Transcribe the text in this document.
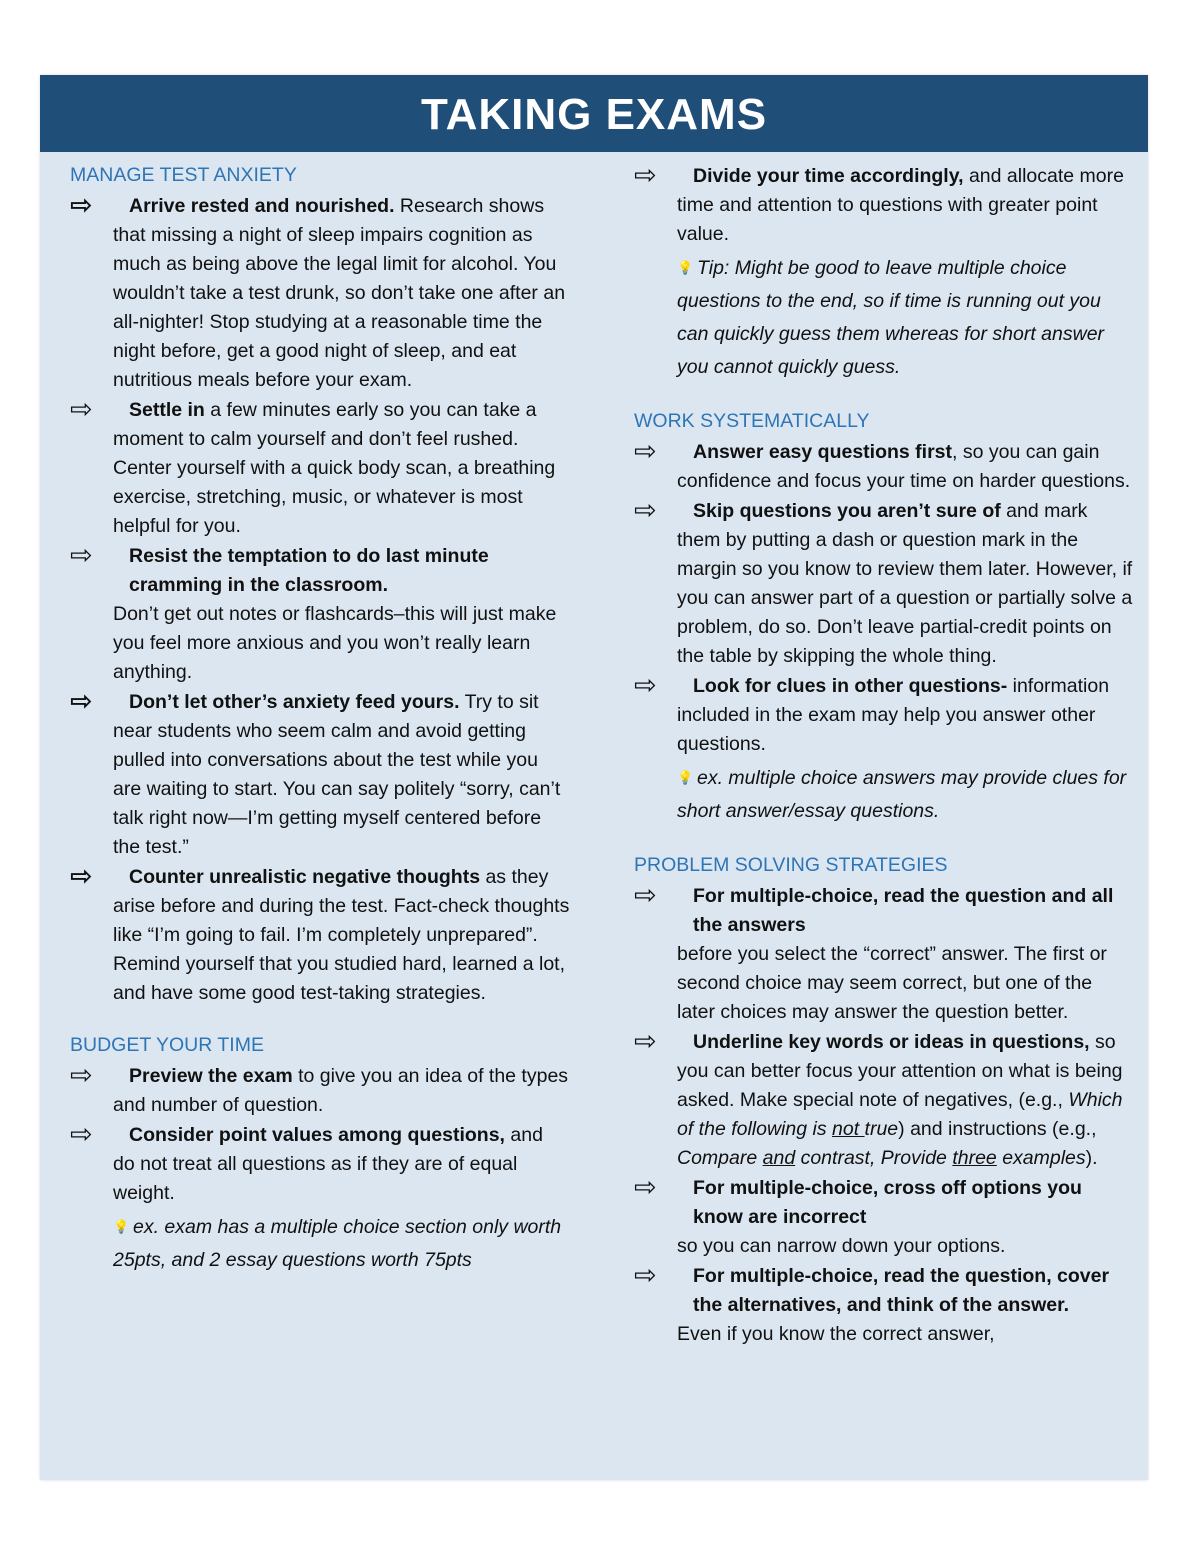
TAKING EXAMS
MANAGE TEST ANXIETY
⇨ Arrive rested and nourished. Research shows that missing a night of sleep impairs cognition as much as being above the legal limit for alcohol. You wouldn’t take a test drunk, so don’t take one after an all-nighter! Stop studying at a reasonable time the night before, get a good night of sleep, and eat nutritious meals before your exam.
⇨ Settle in a few minutes early so you can take a moment to calm yourself and don’t feel rushed. Center yourself with a quick body scan, a breathing exercise, stretching, music, or whatever is most helpful for you.
⇨ Resist the temptation to do last minute cramming in the classroom. Don’t get out notes or flashcards–this will just make you feel more anxious and you won’t really learn anything.
⇨ Don’t let other’s anxiety feed yours. Try to sit near students who seem calm and avoid getting pulled into conversations about the test while you are waiting to start. You can say politely “sorry, can’t talk right now—I’m getting myself centered before the test.”
⇨ Counter unrealistic negative thoughts as they arise before and during the test. Fact-check thoughts like “I’m going to fail. I’m completely unprepared”. Remind yourself that you studied hard, learned a lot, and have some good test-taking strategies.
BUDGET YOUR TIME
⇨ Preview the exam to give you an idea of the types and number of question.
⇨ Consider point values among questions, and do not treat all questions as if they are of equal weight.
💡 ex. exam has a multiple choice section only worth 25pts, and 2 essay questions worth 75pts
⇨ Divide your time accordingly, and allocate more time and attention to questions with greater point value.
💡 Tip: Might be good to leave multiple choice questions to the end, so if time is running out you can quickly guess them whereas for short answer you cannot quickly guess.
WORK SYSTEMATICALLY
⇨ Answer easy questions first, so you can gain confidence and focus your time on harder questions.
⇨ Skip questions you aren’t sure of and mark them by putting a dash or question mark in the margin so you know to review them later. However, if you can answer part of a question or partially solve a problem, do so. Don’t leave partial-credit points on the table by skipping the whole thing.
⇨ Look for clues in other questions- information included in the exam may help you answer other questions.
💡 ex. multiple choice answers may provide clues for short answer/essay questions.
PROBLEM SOLVING STRATEGIES
⇨ For multiple-choice, read the question and all the answers before you select the “correct” answer. The first or second choice may seem correct, but one of the later choices may answer the question better.
⇨ Underline key words or ideas in questions, so you can better focus your attention on what is being asked. Make special note of negatives, (e.g., Which of the following is not true) and instructions (e.g., Compare and contrast, Provide three examples).
⇨ For multiple-choice, cross off options you know are incorrect so you can narrow down your options.
⇨ For multiple-choice, read the question, cover the alternatives, and think of the answer. Even if you know the correct answer,
